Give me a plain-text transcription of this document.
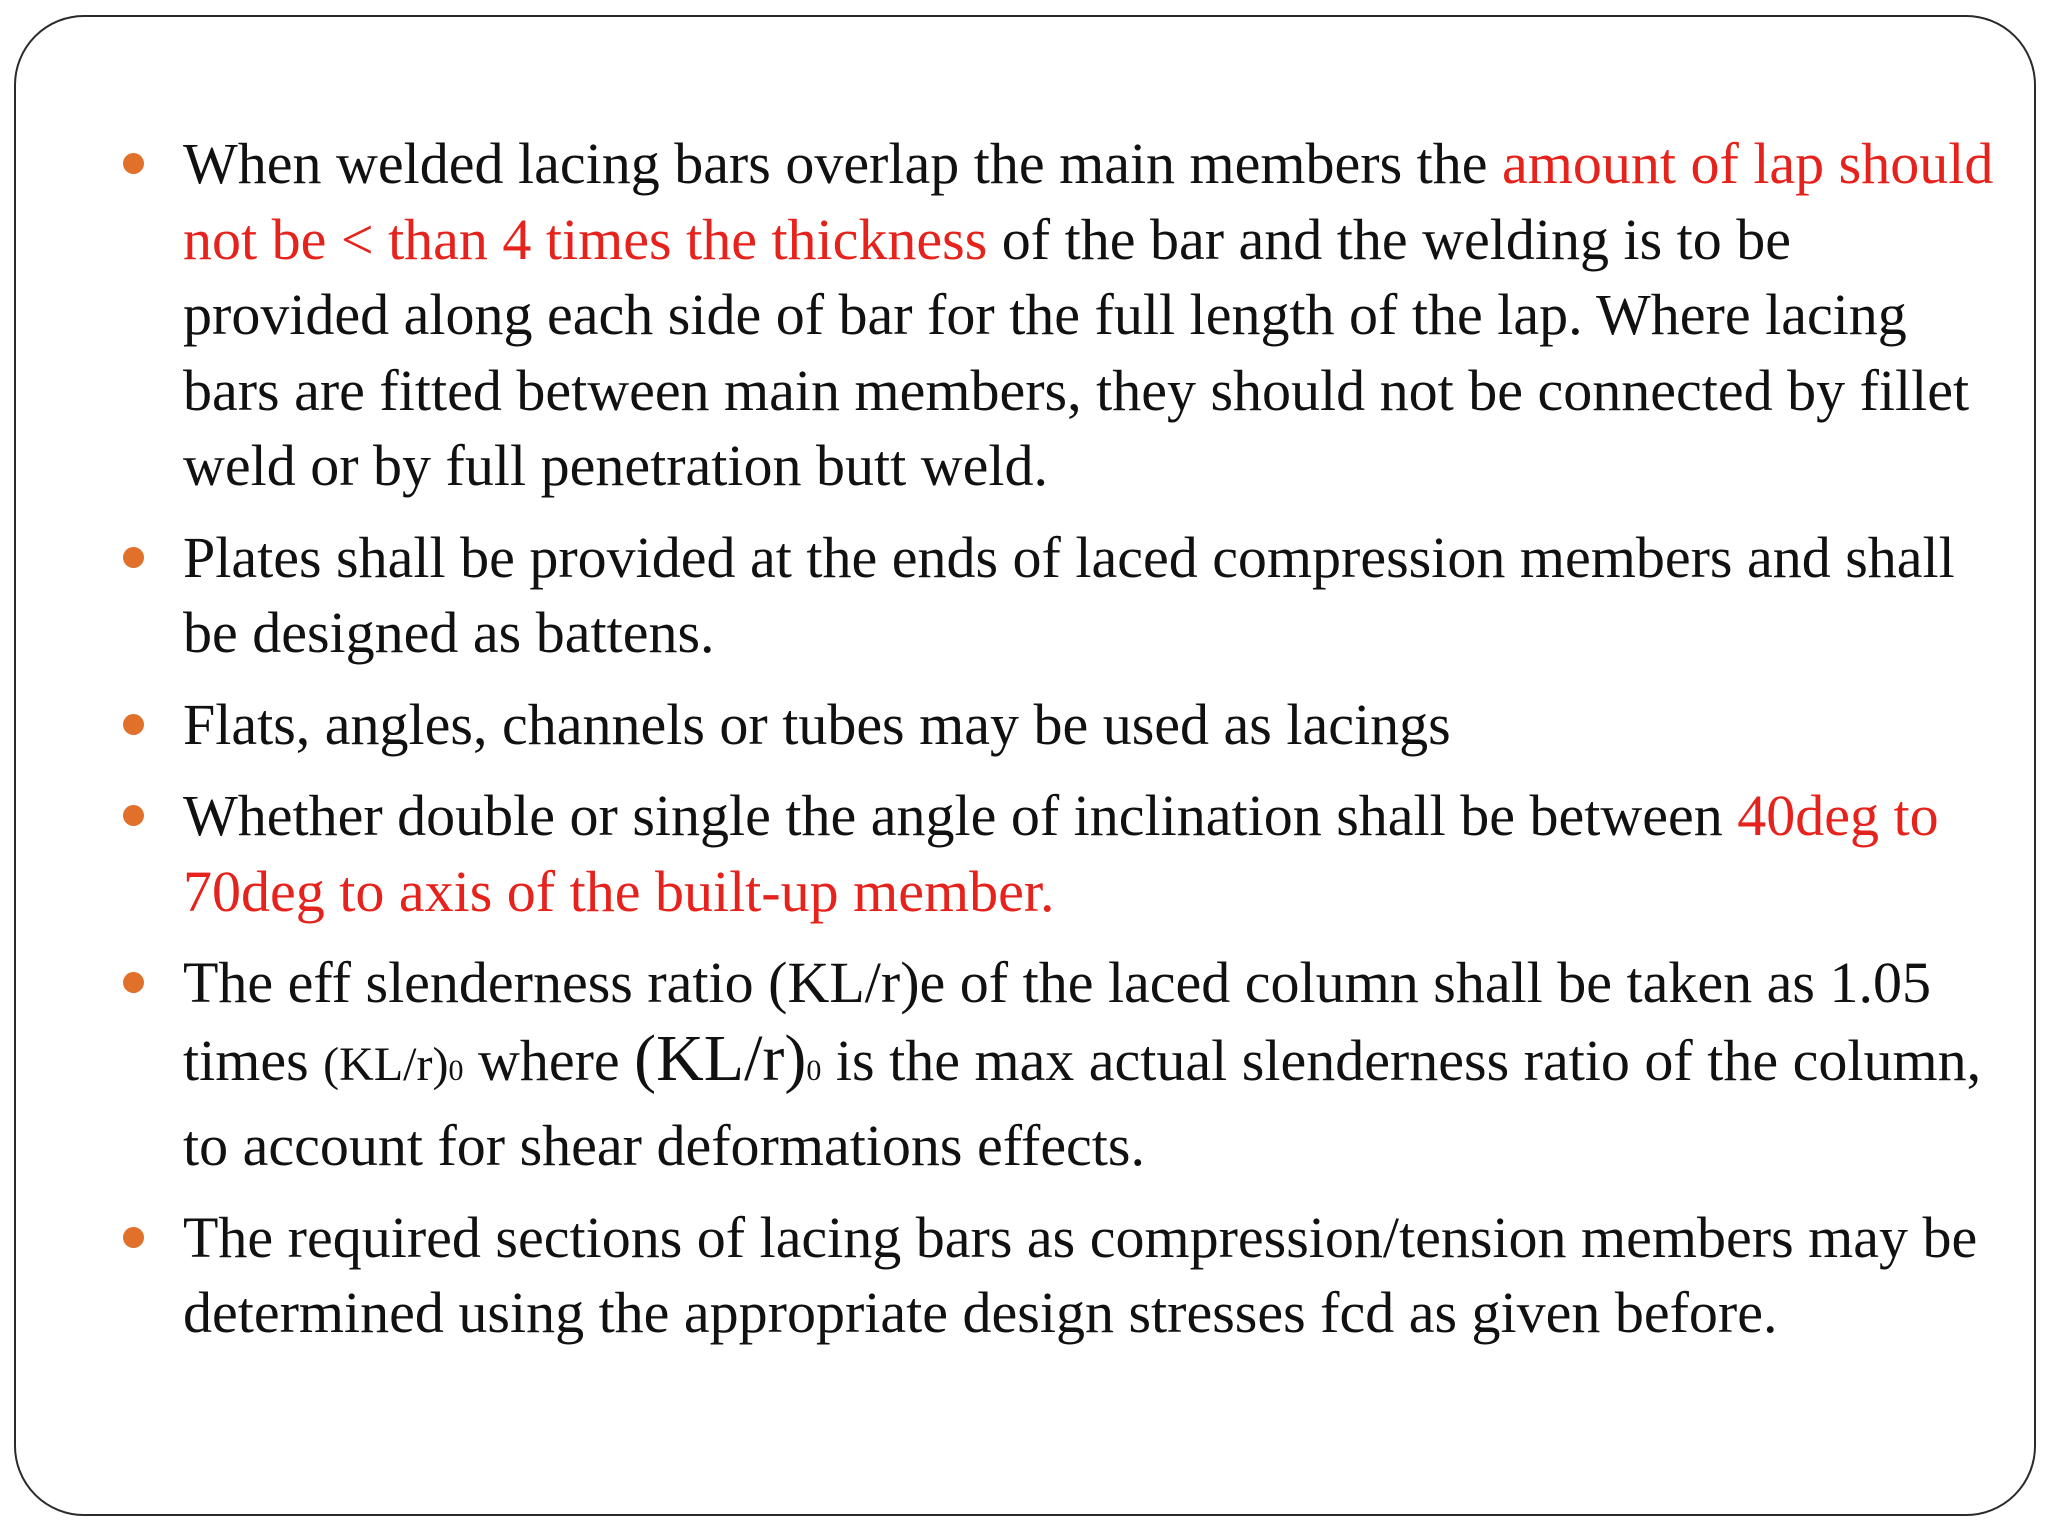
When welded lacing bars overlap the main members the amount of lap should not be < than 4 times the thickness of the bar and the welding is to be provided along each side of bar for the full length of the lap. Where lacing bars are fitted between main members, they should not be connected by fillet weld or by full penetration butt weld.
Plates shall be provided at the ends of laced compression members and shall be designed as battens.
Flats, angles, channels or tubes may be used as lacings
Whether double or single the angle of inclination shall be between 40deg to 70deg to axis of the built-up member.
The eff slenderness ratio (KL/r)e of the laced column shall be taken as 1.05 times (KL/r)0 where (KL/r)0 is the max actual slenderness ratio of the column, to account for shear deformations effects.
The required sections of lacing bars as compression/tension members may be determined using the appropriate design stresses fcd as given before.
